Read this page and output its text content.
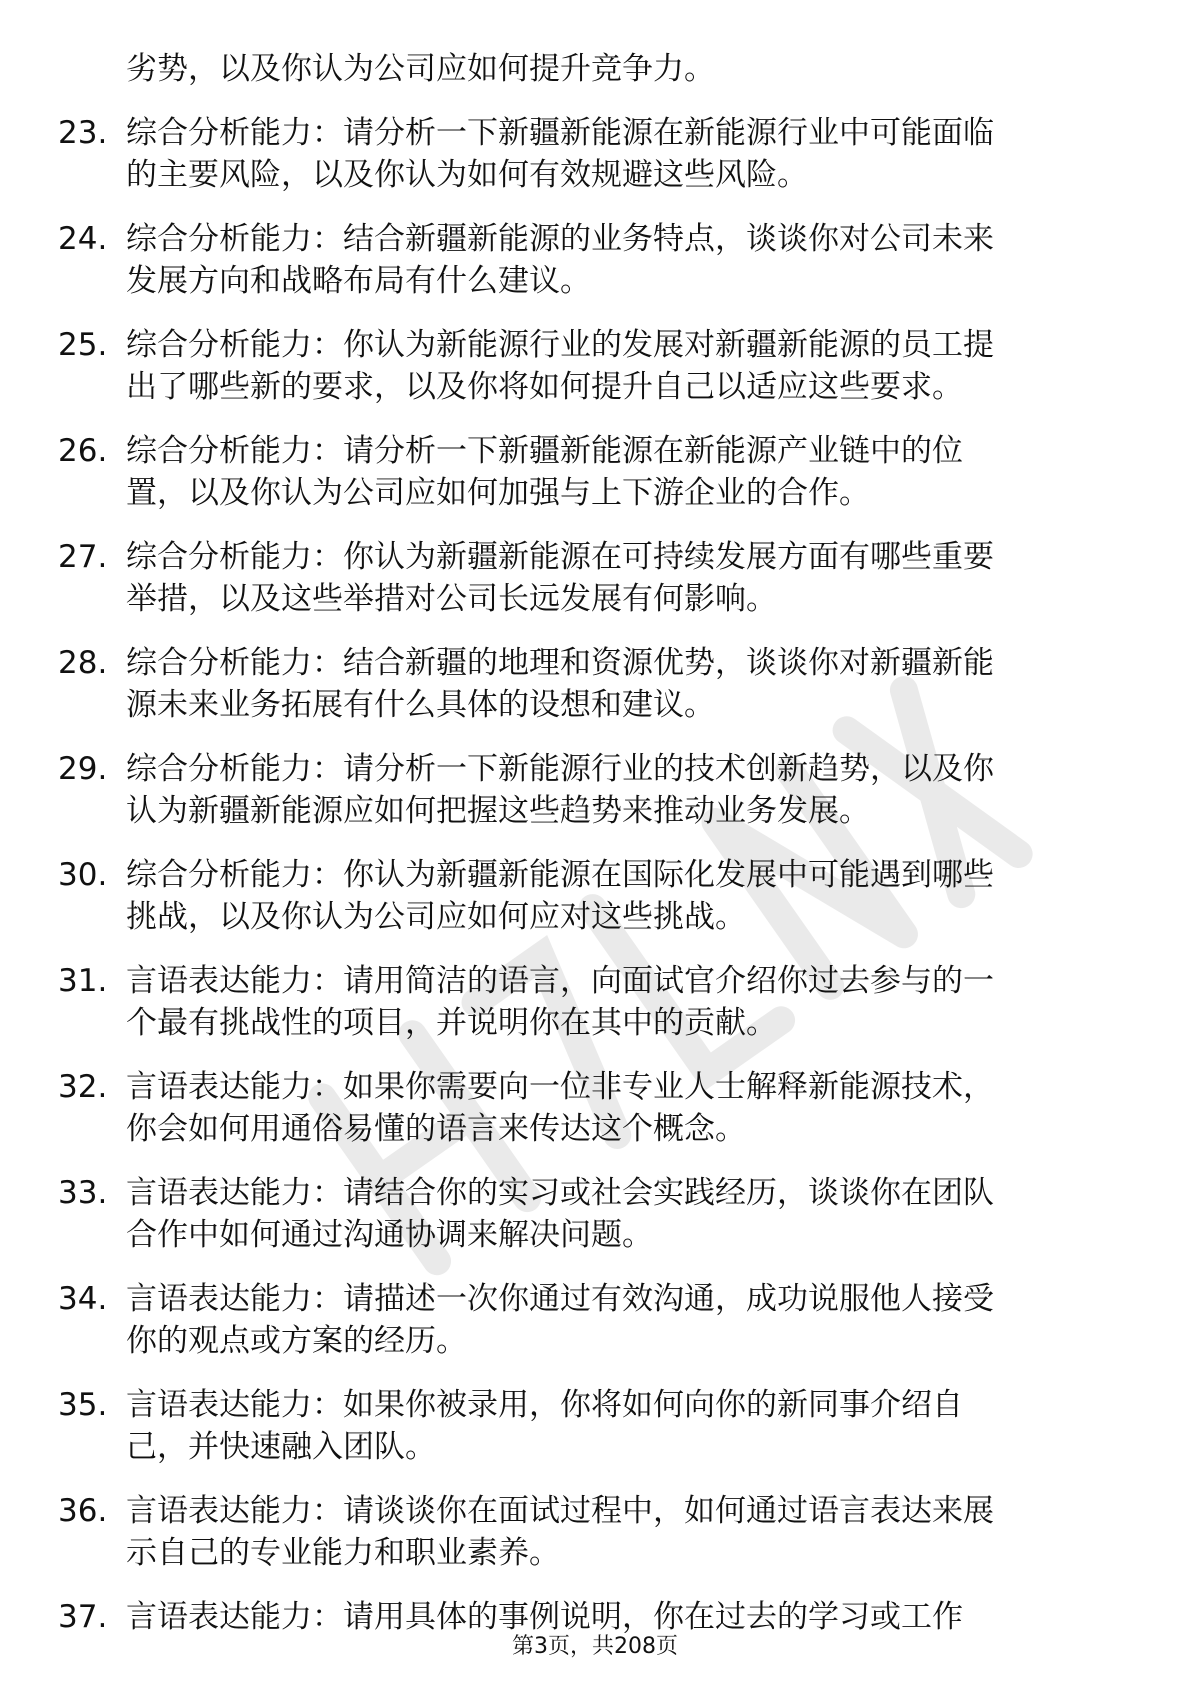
劣势，以及你认为公司应如何提升竞争力。
23. 综合分析能力：请分析一下新疆新能源在新能源行业中可能面临
的主要风险，以及你认为如何有效规避这些风险。
24. 综合分析能力：结合新疆新能源的业务特点，谈谈你对公司未来
发展方向和战略布局有什么建议。
25. 综合分析能力：你认为新能源行业的发展对新疆新能源的员工提
出了哪些新的要求，以及你将如何提升自己以适应这些要求。
26. 综合分析能力：请分析一下新疆新能源在新能源产业链中的位
置，以及你认为公司应如何加强与上下游企业的合作。
27. 综合分析能力：你认为新疆新能源在可持续发展方面有哪些重要
举措，以及这些举措对公司长远发展有何影响。
28. 综合分析能力：结合新疆的地理和资源优势，谈谈你对新疆新能
源未来业务拓展有什么具体的设想和建议。
29. 综合分析能力：请分析一下新能源行业的技术创新趋势，以及你
认为新疆新能源应如何把握这些趋势来推动业务发展。
30. 综合分析能力：你认为新疆新能源在国际化发展中可能遇到哪些
挑战，以及你认为公司应如何应对这些挑战。
31. 言语表达能力：请用简洁的语言，向面试官介绍你过去参与的一
个最有挑战性的项目，并说明你在其中的贡献。
32. 言语表达能力：如果你需要向一位非专业人士解释新能源技术，
你会如何用通俗易懂的语言来传达这个概念。
33. 言语表达能力：请结合你的实习或社会实践经历，谈谈你在团队
合作中如何通过沟通协调来解决问题。
34. 言语表达能力：请描述一次你通过有效沟通，成功说服他人接受
你的观点或方案的经历。
35. 言语表达能力：如果你被录用，你将如何向你的新同事介绍自
己，并快速融入团队。
36. 言语表达能力：请谈谈你在面试过程中，如何通过语言表达来展
示自己的专业能力和职业素养。
37. 言语表达能力：请用具体的事例说明，你在过去的学习或工作
第3页，共208页
